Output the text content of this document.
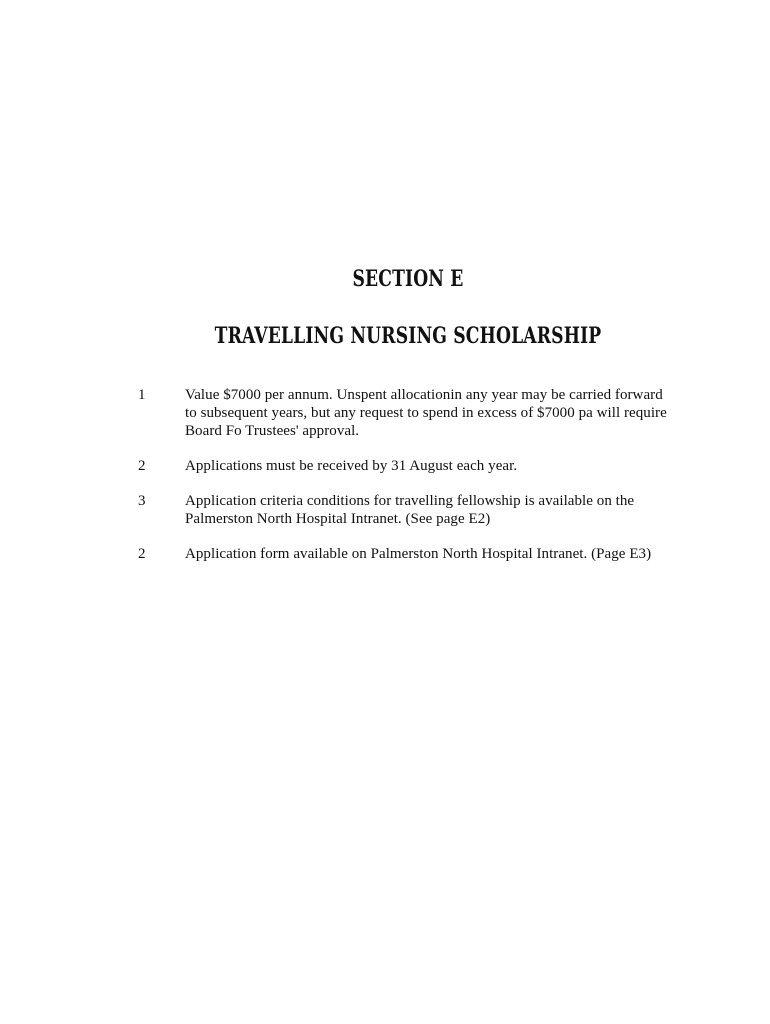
SECTION E
TRAVELLING NURSING SCHOLARSHIP
1	Value $7000 per annum. Unspent allocationin any year may be carried forward to subsequent years, but any request to spend in excess of $7000 pa will require Board Fo Trustees' approval.
2	Applications must be received by 31 August each year.
3	Application criteria conditions for travelling fellowship is available on the Palmerston North Hospital Intranet. (See page E2)
2	Application form available on Palmerston North Hospital Intranet. (Page E3)
